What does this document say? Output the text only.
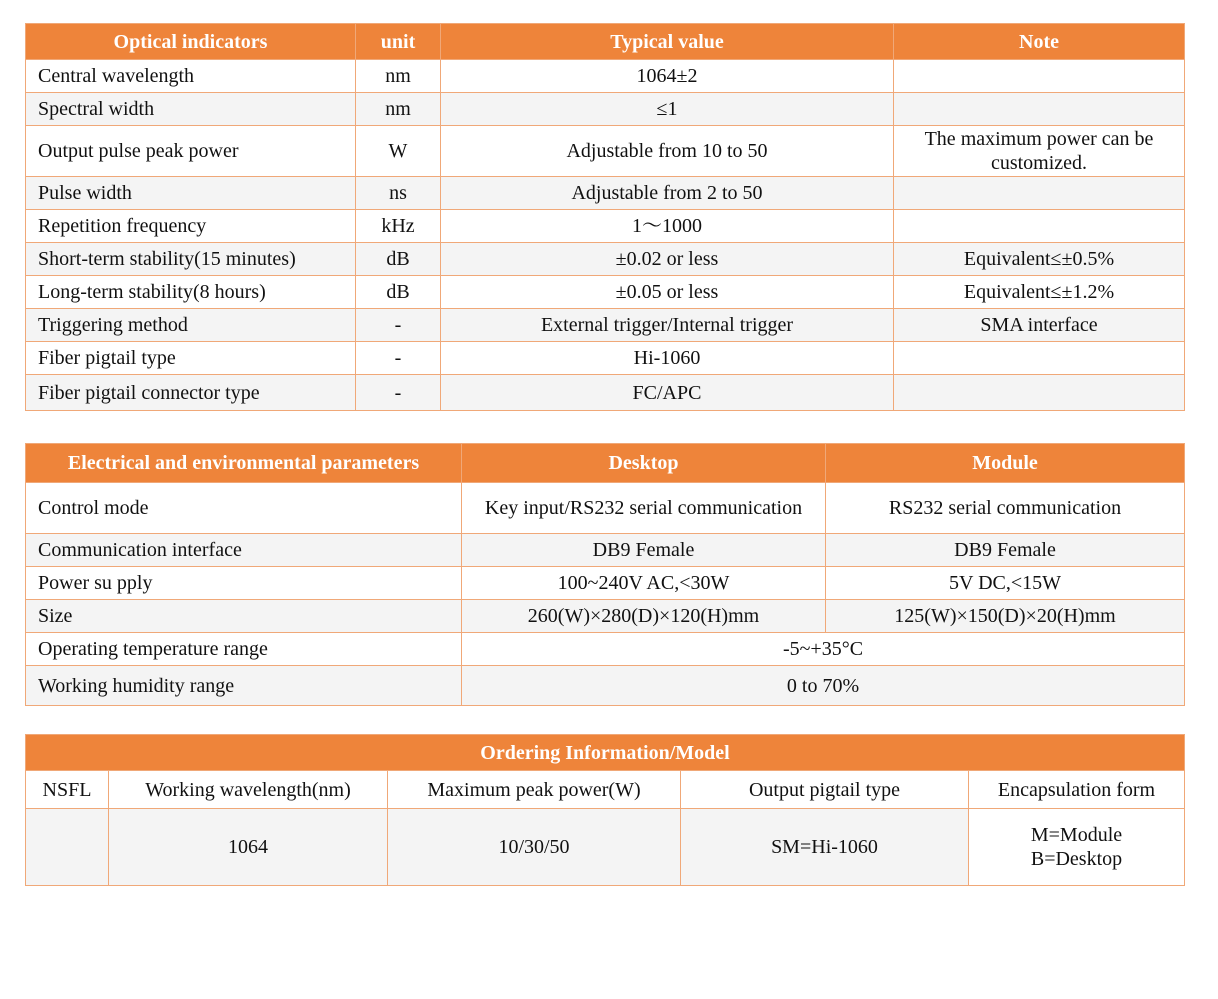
Optical indicators	unit	Typical value	Note
Central wavelength	nm	1064±2	
Spectral width	nm	≤1	
Output pulse peak power	W	Adjustable from 10 to 50	The maximum power can be customized.
Pulse width	ns	Adjustable from 2 to 50	
Repetition frequency	kHz	1～1000	
Short-term stability(15 minutes)	dB	±0.02 or less	Equivalent≤±0.5%
Long-term stability(8 hours)	dB	±0.05 or less	Equivalent≤±1.2%
Triggering method	-	External trigger/Internal trigger	SMA interface
Fiber pigtail type	-	Hi-1060	
Fiber pigtail connector type	-	FC/APC	
Electrical and environmental parameters	Desktop	Module
Control mode	Key input/RS232 serial communication	RS232 serial communication
Communication interface	DB9 Female	DB9 Female
Power su pply	100~240V AC,<30W	5V DC,<15W
Size	260(W)×280(D)×120(H)mm	125(W)×150(D)×20(H)mm
Operating temperature range	-5~+35°C	
Working humidity range	0 to 70%	
Ordering Information/Model				
NSFL	Working wavelength(nm)	Maximum peak power(W)	Output pigtail type	Encapsulation form
	1064	10/30/50	SM=Hi-1060	M=Module B=Desktop
